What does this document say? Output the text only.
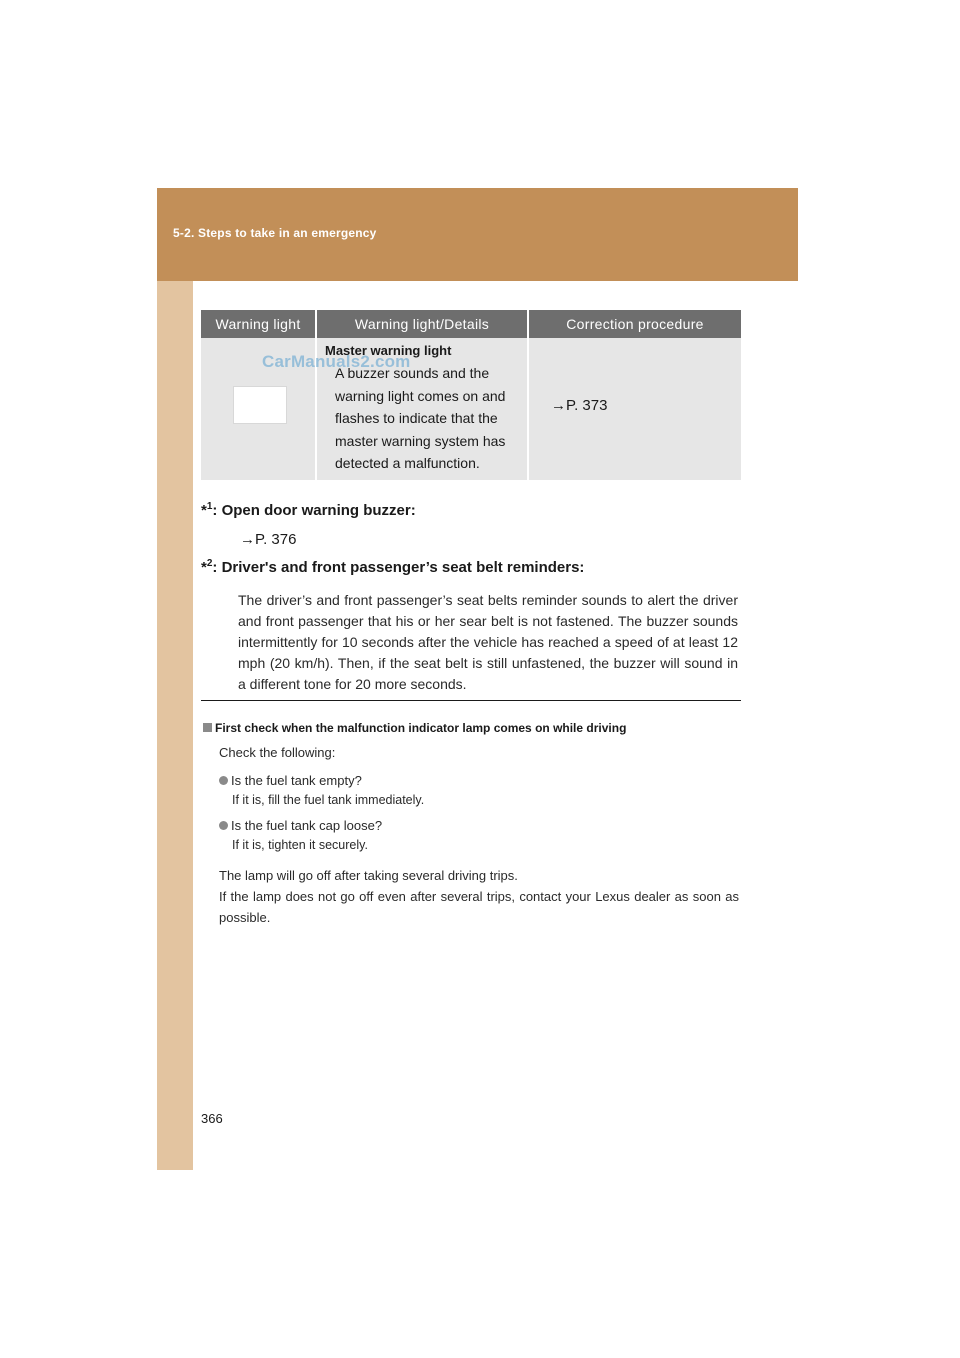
5-2. Steps to take in an emergency
Warning light	Warning light/Details	Correction procedure

	Master warning light
A buzzer sounds and the warning light comes on and flashes to indicate that the master warning system has detected a malfunction.	→P. 373
CarManuals2.com
*$^1$: Open door warning buzzer:
→P. 376
*$^2$: Driver's and front passenger’s seat belt reminders:
The driver’s and front passenger’s seat belts reminder sounds to alert the driver and front passenger that his or her sear belt is not fastened. The buzzer sounds intermittently for 10 seconds after the vehicle has reached a speed of at least 12 mph (20 km/h). Then, if the seat belt is still unfastened, the buzzer will sound in a different tone for 20 more seconds.
First check when the malfunction indicator lamp comes on while driving
Check the following:
Is the fuel tank empty?
If it is, fill the fuel tank immediately.
Is the fuel tank cap loose?
If it is, tighten it securely.
The lamp will go off after taking several driving trips.
If the lamp does not go off even after several trips, contact your Lexus dealer as soon as possible.
366
